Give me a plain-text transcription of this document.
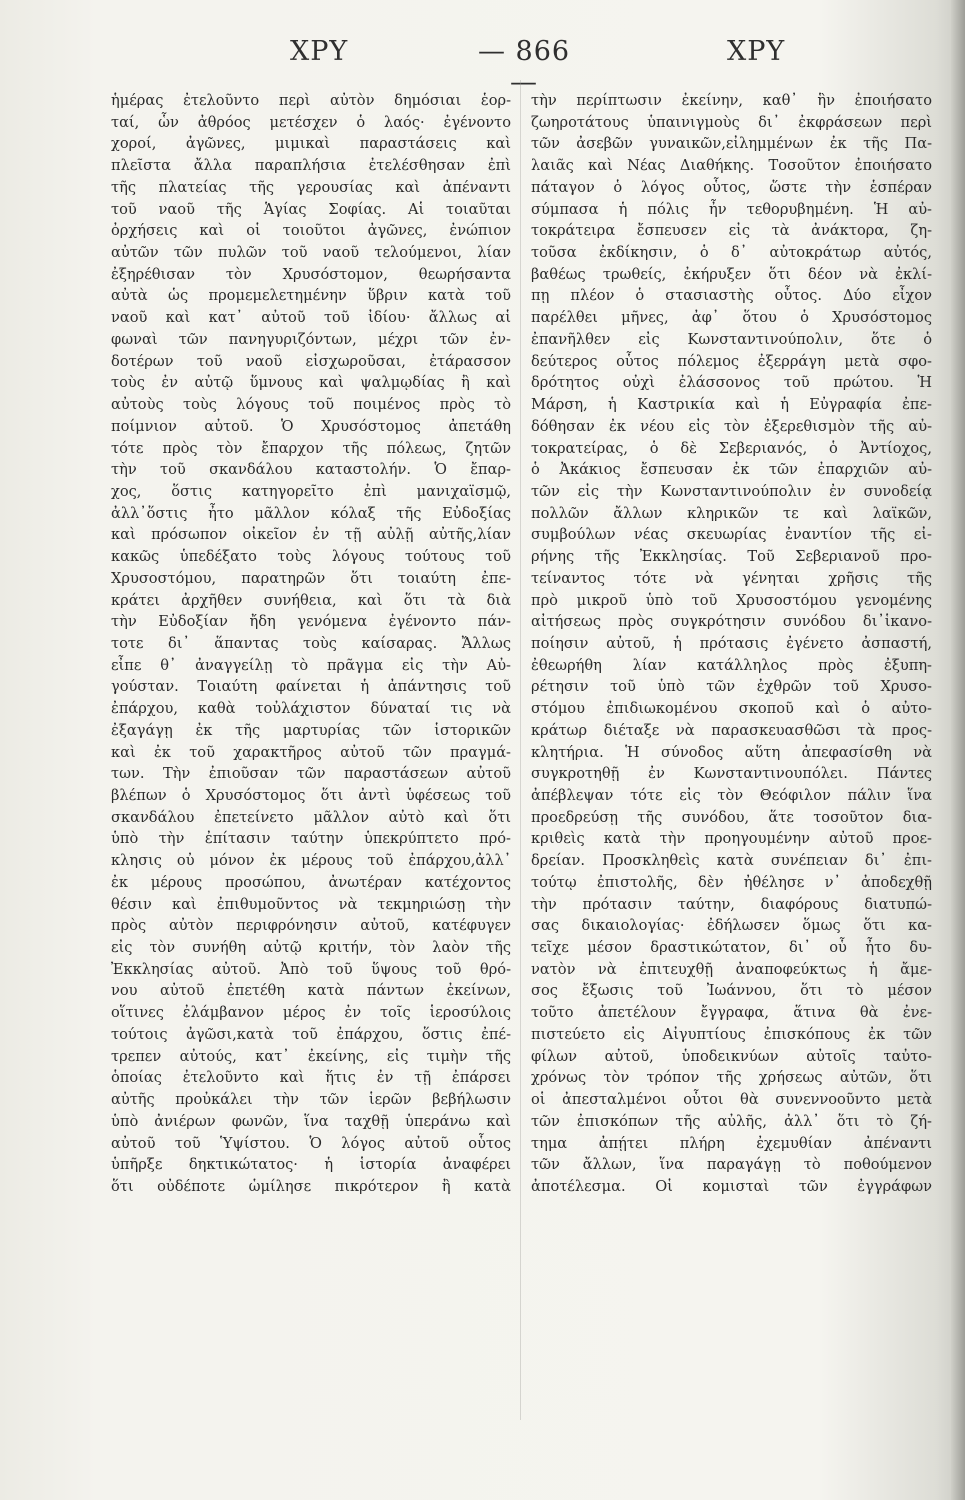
ΧΡΥ	— 866 —
ΧΡΥ
ἡμέρας ἐτελοῦντο περὶ αὐτὸν δημόσιαι ἑορ-
ταί, ὧν ἀθρόος μετέσχεν ὁ λαός· ἐγένοντο
χοροί, ἀγῶνες, μιμικαὶ παραστάσεις καὶ
πλεῖστα ἄλλα παραπλήσια ἐτελέσθησαν ἐπὶ
τῆς πλατείας τῆς γερουσίας καὶ ἀπέναντι
τοῦ ναοῦ τῆς Ἁγίας Σοφίας. Αἱ τοιαῦται
ὀρχήσεις καὶ οἱ τοιοῦτοι ἀγῶνες, ἐνώπιον
αὐτῶν τῶν πυλῶν τοῦ ναοῦ τελούμενοι, λίαν
ἐξηρέθισαν τὸν Χρυσόστομον, θεωρήσαντα
αὐτὰ ὡς προμεμελετημένην ὕβριν κατὰ τοῦ
ναοῦ καὶ κατ᾽ αὐτοῦ τοῦ ἰδίου· ἄλλως αἱ
φωναὶ τῶν πανηγυριζόντων, μέχρι τῶν ἐν-
δοτέρων τοῦ ναοῦ εἰσχωροῦσαι, ἐτάρασσον
τοὺς ἐν αὐτῷ ὕμνους καὶ ψαλμῳδίας ἢ καὶ
αὐτοὺς τοὺς λόγους τοῦ ποιμένος πρὸς τὸ
ποίμνιον αὐτοῦ. Ὁ Χρυσόστομος ἀπετάθη
τότε πρὸς τὸν ἔπαρχον τῆς πόλεως, ζητῶν
τὴν τοῦ σκανδάλου καταστολήν. Ὁ ἔπαρ-
χος, ὅστις κατηγορεῖτο ἐπὶ μανιχαϊσμῷ,
ἀλλ᾽ὅστις ἦτο μᾶλλον κόλαξ τῆς Εὐδοξίας
καὶ πρόσωπον οἰκεῖον ἐν τῇ αὐλῇ αὐτῆς,λίαν
κακῶς ὑπεδέξατο τοὺς λόγους τούτους τοῦ
Χρυσοστόμου, παρατηρῶν ὅτι τοιαύτη ἐπε-
κράτει ἀρχῆθεν συνήθεια, καὶ ὅτι τὰ διὰ
τὴν Εὐδοξίαν ἤδη γενόμενα ἐγένοντο πάν-
τοτε δι᾽ ἅπαντας τοὺς καίσαρας. Ἄλλως
εἶπε θ᾽ ἀναγγείλῃ τὸ πρᾶγμα εἰς τὴν Αὐ-
γούσταν. Τοιαύτη φαίνεται ἡ ἀπάντησις τοῦ
ἐπάρχου, καθὰ τοὐλάχιστον δύναταί τις νὰ
ἐξαγάγῃ ἐκ τῆς μαρτυρίας τῶν ἱστορικῶν
καὶ ἐκ τοῦ χαρακτῆρος αὐτοῦ τῶν πραγμά-
των. Τὴν ἐπιοῦσαν τῶν παραστάσεων αὐτοῦ
βλέπων ὁ Χρυσόστομος ὅτι ἀντὶ ὑφέσεως τοῦ
σκανδάλου ἐπετείνετο μᾶλλον αὐτὸ καὶ ὅτι
ὑπὸ τὴν ἐπίτασιν ταύτην ὑπεκρύπτετο πρό-
κλησις οὐ μόνον ἐκ μέρους τοῦ ἐπάρχου,ἀλλ᾽
ἐκ μέρους προσώπου, ἀνωτέραν κατέχοντος
θέσιν καὶ ἐπιθυμοῦντος νὰ τεκμηριώσῃ τὴν
πρὸς αὐτὸν περιφρόνησιν αὐτοῦ, κατέφυγεν
εἰς τὸν συνήθη αὐτῷ κριτήν, τὸν λαὸν τῆς
Ἐκκλησίας αὐτοῦ. Ἀπὸ τοῦ ὕψους τοῦ θρό-
νου αὐτοῦ ἐπετέθη κατὰ πάντων ἐκείνων,
οἵτινες ἐλάμβανον μέρος ἐν τοῖς ἱεροσύλοις
τούτοις ἀγῶσι,κατὰ τοῦ ἐπάρχου, ὅστις ἐπέ-
τρεπεν αὐτούς, κατ᾽ ἐκείνης, εἰς τιμὴν τῆς
ὁποίας ἐτελοῦντο καὶ ἥτις ἐν τῇ ἐπάρσει
αὐτῆς προὐκάλει τὴν τῶν ἱερῶν βεβήλωσιν
ὑπὸ ἀνιέρων φωνῶν, ἵνα ταχθῇ ὑπεράνω καὶ
αὐτοῦ τοῦ Ὑψίστου. Ὁ λόγος αὐτοῦ οὗτος
ὑπῆρξε δηκτικώτατος· ἡ ἱστορία ἀναφέρει
ὅτι οὐδέποτε ὡμίλησε πικρότερον ἢ κατὰ
τὴν περίπτωσιν ἐκείνην, καθ᾽ ἣν ἐποιήσατο
ζωηροτάτους ὑπαινιγμοὺς δι᾽ ἐκφράσεων περὶ
τῶν ἀσεβῶν γυναικῶν,εἰλημμένων ἐκ τῆς Πα-
λαιᾶς καὶ Νέας Διαθήκης. Τοσοῦτον ἐποιήσατο
πάταγον ὁ λόγος οὗτος, ὥστε τὴν ἑσπέραν
σύμπασα ἡ πόλις ἦν τεθορυβημένη. Ἡ αὐ-
τοκράτειρα ἔσπευσεν εἰς τὰ ἀνάκτορα, ζη-
τοῦσα ἐκδίκησιν, ὁ δ᾽ αὐτοκράτωρ αὐτός,
βαθέως τρωθείς, ἐκήρυξεν ὅτι δέον νὰ ἐκλί-
πῃ πλέον ὁ στασιαστὴς οὗτος. Δύο εἶχον
παρέλθει μῆνες, ἀφ᾽ ὅτου ὁ Χρυσόστομος
ἐπανῆλθεν εἰς Κωνσταντινούπολιν, ὅτε ὁ
δεύτερος οὗτος πόλεμος ἐξερράγη μετὰ σφο-
δρότητος οὐχὶ ἐλάσσονος τοῦ πρώτου. Ἡ
Μάρση, ἡ Καστρικία καὶ ἡ Εὐγραφία ἐπε-
δόθησαν ἐκ νέου εἰς τὸν ἐξερεθισμὸν τῆς αὐ-
τοκρατείρας, ὁ δὲ Σεβεριανός, ὁ Ἀντίοχος,
ὁ Ἀκάκιος ἔσπευσαν ἐκ τῶν ἐπαρχιῶν αὐ-
τῶν εἰς τὴν Κωνσταντινούπολιν ἐν συνοδείᾳ
πολλῶν ἄλλων κληρικῶν τε καὶ λαϊκῶν,
συμβούλων νέας σκευωρίας ἐναντίον τῆς εἰ-
ρήνης τῆς Ἐκκλησίας. Τοῦ Σεβεριανοῦ προ-
τείναντος τότε νὰ γένηται χρῆσις τῆς
πρὸ μικροῦ ὑπὸ τοῦ Χρυσοστόμου γενομένης
αἰτήσεως πρὸς συγκρότησιν συνόδου δι᾽ἱκανο-
ποίησιν αὐτοῦ, ἡ πρότασις ἐγένετο ἀσπαστή,
ἐθεωρήθη λίαν κατάλληλος πρὸς ἐξυπη-
ρέτησιν τοῦ ὑπὸ τῶν ἐχθρῶν τοῦ Χρυσο-
στόμου ἐπιδιωκομένου σκοποῦ καὶ ὁ αὐτο-
κράτωρ διέταξε νὰ παρασκευασθῶσι τὰ προς-
κλητήρια. Ἡ σύνοδος αὕτη ἀπεφασίσθη νὰ
συγκροτηθῇ ἐν Κωνσταντινουπόλει. Πάντες
ἀπέβλεψαν τότε εἰς τὸν Θεόφιλον πάλιν ἵνα
προεδρεύσῃ τῆς συνόδου, ἅτε τοσοῦτον δια-
κριθεὶς κατὰ τὴν προηγουμένην αὐτοῦ προε-
δρείαν. Προσκληθεὶς κατὰ συνέπειαν δι᾽ ἐπι-
τούτῳ ἐπιστολῆς, δὲν ἠθέλησε ν᾽ ἀποδεχθῇ
τὴν πρότασιν ταύτην, διαφόρους διατυπώ-
σας δικαιολογίας· ἐδήλωσεν ὅμως ὅτι κα-
τεῖχε μέσον δραστικώτατον, δι᾽ οὗ ἦτο δυ-
νατὸν νὰ ἐπιτευχθῇ ἀναποφεύκτως ἡ ἄμε-
σος ἔξωσις τοῦ Ἰωάννου, ὅτι τὸ μέσον
τοῦτο ἀπετέλουν ἔγγραφα, ἅτινα θὰ ἐνε-
πιστεύετο εἰς Αἰγυπτίους ἐπισκόπους ἐκ τῶν
φίλων αὐτοῦ, ὑποδεικνύων αὐτοῖς ταὐτο-
χρόνως τὸν τρόπον τῆς χρήσεως αὐτῶν, ὅτι
οἱ ἀπεσταλμένοι οὗτοι θὰ συνεννοοῦντο μετὰ
τῶν ἐπισκόπων τῆς αὐλῆς, ἀλλ᾽ ὅτι τὸ ζή-
τημα ἀπῄτει πλήρη ἐχεμυθίαν ἀπέναντι
τῶν ἄλλων, ἵνα παραγάγῃ τὸ ποθούμενον
ἀποτέλεσμα. Οἱ κομισταὶ τῶν ἐγγράφων
